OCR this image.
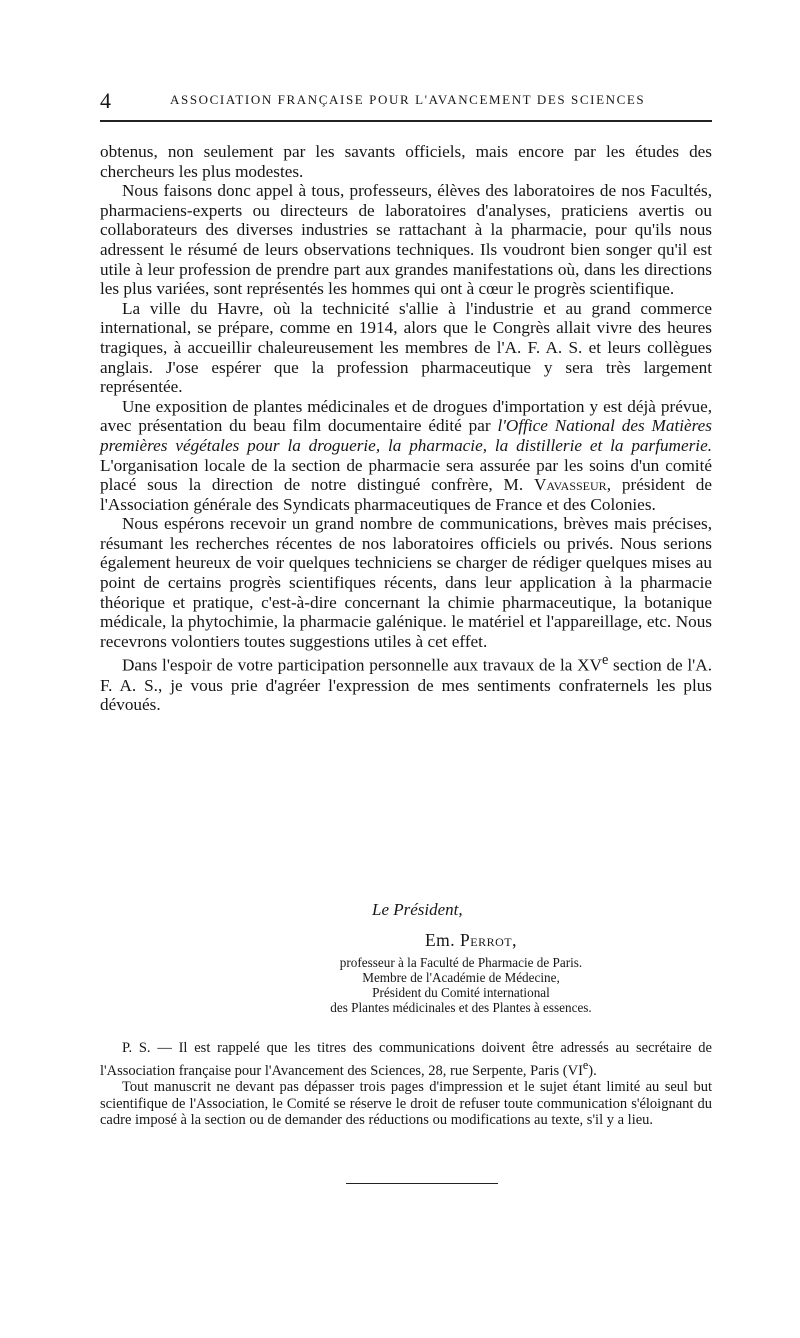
4	ASSOCIATION FRANÇAISE POUR L'AVANCEMENT DES SCIENCES

obtenus, non seulement par les savants officiels, mais encore par les études des chercheurs les plus modestes.

Nous faisons donc appel à tous, professeurs, élèves des laboratoires de nos Facultés, pharmaciens-experts ou directeurs de laboratoires d'analyses, praticiens avertis ou collaborateurs des diverses industries se rattachant à la pharmacie, pour qu'ils nous adressent le résumé de leurs observations techniques. Ils voudront bien songer qu'il est utile à leur profession de prendre part aux grandes manifestations où, dans les directions les plus variées, sont représentés les hommes qui ont à cœur le progrès scientifique.

La ville du Havre, où la technicité s'allie à l'industrie et au grand commerce international, se prépare, comme en 1914, alors que le Congrès allait vivre des heures tragiques, à accueillir chaleureusement les membres de l'A. F. A. S. et leurs collègues anglais. J'ose espérer que la profession pharmaceutique y sera très largement représentée.

Une exposition de plantes médicinales et de drogues d'importation y est déjà prévue, avec présentation du beau film documentaire édité par l'Office National des Matières premières végétales pour la droguerie, la pharmacie, la distillerie et la parfumerie. L'organisation locale de la section de pharmacie sera assurée par les soins d'un comité placé sous la direction de notre distingué confrère, M. Vavasseur, président de l'Association générale des Syndicats pharmaceutiques de France et des Colonies.

Nous espérons recevoir un grand nombre de communications, brèves mais précises, résumant les recherches récentes de nos laboratoires officiels ou privés. Nous serions également heureux de voir quelques techniciens se charger de rédiger quelques mises au point de certains progrès scientifiques récents, dans leur application à la pharmacie théorique et pratique, c'est-à-dire concernant la chimie pharmaceutique, la botanique médicale, la phytochimie, la pharmacie galénique. le matériel et l'appareillage, etc. Nous recevrons volontiers toutes suggestions utiles à cet effet.

Dans l'espoir de votre participation personnelle aux travaux de la XVe section de l'A. F. A. S., je vous prie d'agréer l'expression de mes sentiments confraternels les plus dévoués.

Le Président,
Em. Perrot,
professeur à la Faculté de Pharmacie de Paris.
Membre de l'Académie de Médecine,
Président du Comité international
des Plantes médicinales et des Plantes à essences.

P. S. — Il est rappelé que les titres des communications doivent être adressés au secrétaire de l'Association française pour l'Avancement des Sciences, 28, rue Serpente, Paris (VIe).

Tout manuscrit ne devant pas dépasser trois pages d'impression et le sujet étant limité au seul but scientifique de l'Association, le Comité se réserve le droit de refuser toute communication s'éloignant du cadre imposé à la section ou de demander des réductions ou modifications au texte, s'il y a lieu.
